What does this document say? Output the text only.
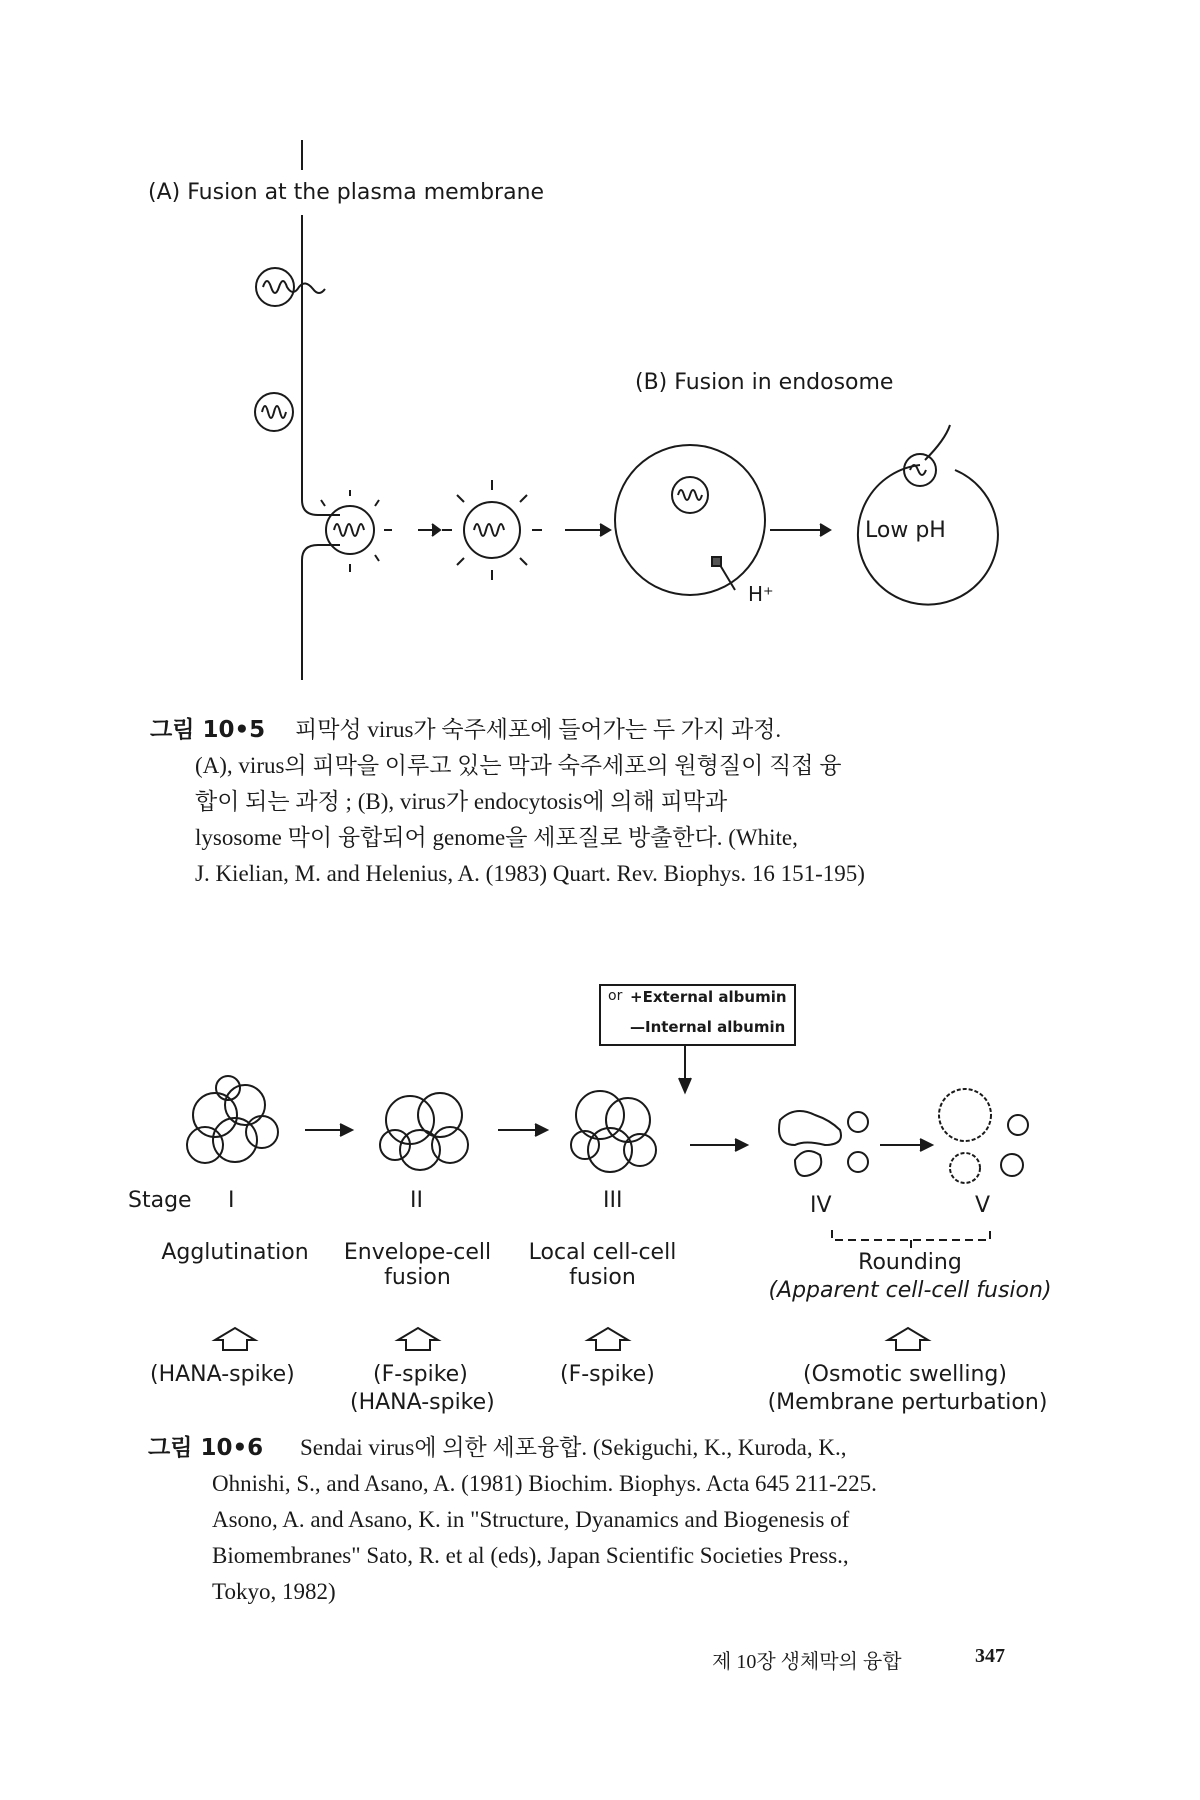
(A) Fusion at the plasma membrane
(B) Fusion in endosome
Low pH
H⁺
그림 10•5 피막성 virus가 숙주세포에 들어가는 두 가지 과정.
(A), virus의 피막을 이루고 있는 막과 숙주세포의 원형질이 직접 융
합이 되는 과정 ; (B), virus가 endocytosis에 의해 피막과
lysosome 막이 융합되어 genome을 세포질로 방출한다. (White,
J. Kielian, M. and Helenius, A. (1983) Quart. Rev. Biophys. 16 151-195)
or +External albumin
—Internal albumin
Stage I	II	III	IV	V
Agglutination	Envelope-cell fusion
Local cell-cell fusion
Rounding
(Apparent cell-cell fusion)
(HANA-spike)	(F-spike)
(HANA-spike)
(F-spike)	(Osmotic swelling)
(Membrane perturbation)
그림 10•6 Sendai virus에 의한 세포융합. (Sekiguchi, K., Kuroda, K.,
Ohnishi, S., and Asano, A. (1981) Biochim. Biophys. Acta 645 211-225.
Asono, A. and Asano, K. in "Structure, Dyanamics and Biogenesis of
Biomembranes" Sato, R. et al (eds), Japan Scientific Societies Press.,
Tokyo, 1982)
제 10장 생체막의 융합	347
